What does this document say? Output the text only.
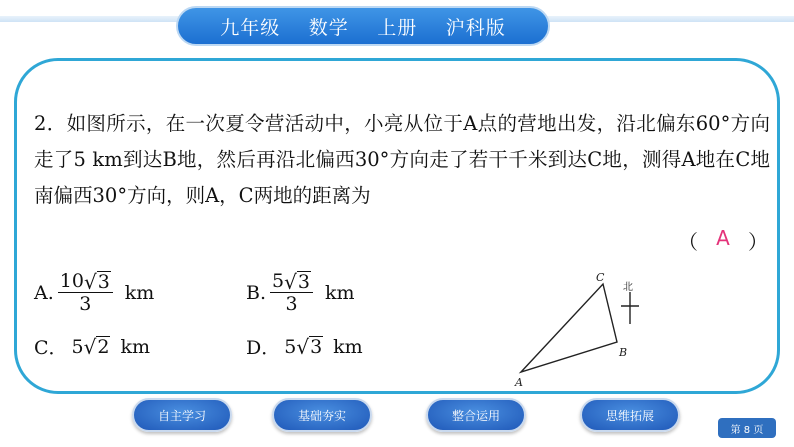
九年级 数学 上册 沪科版
2．如图所示，在一次夏令营活动中，小亮从位于A点的营地出发，沿北偏东60°方向走了5 km到达B地，然后再沿北偏西30°方向走了若干千米到达C地，测得A地在C地南偏西30°方向，则A，C两地的距离为
（ A ）
A. $\frac{10 √ 3}{3}$ km	B. $\frac{5 √ 3}{3}$ km
C． 5 √ 2 km	D． 5 √ 3 km
A
B
C
北
自主学习	基础夯实	整合运用	思维拓展
第 8 页
